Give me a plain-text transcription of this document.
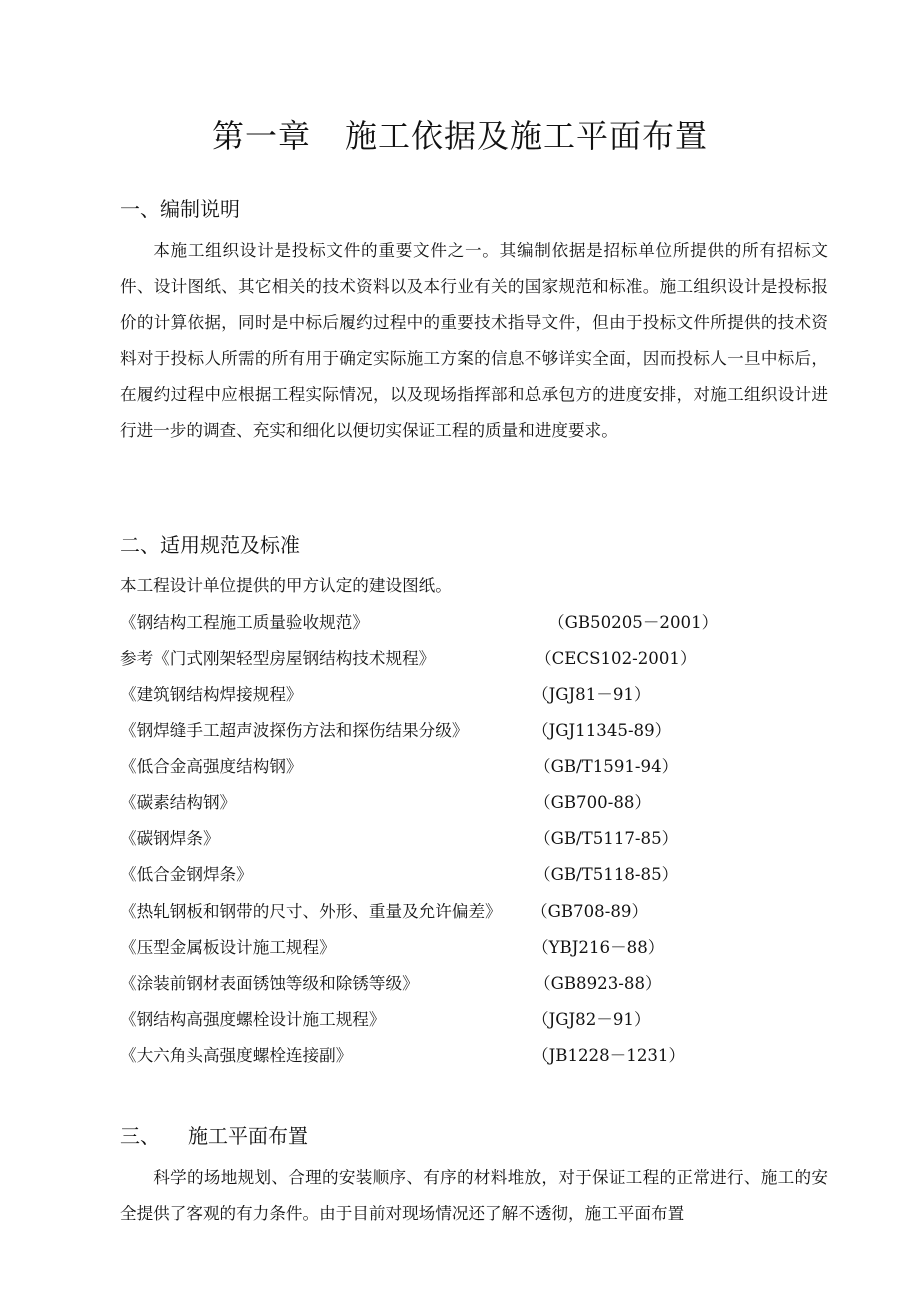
第一章 施工依据及施工平面布置
一、编制说明
本施工组织设计是投标文件的重要文件之一。其编制依据是招标单位所提供的所有招标文件、设计图纸、其它相关的技术资料以及本行业有关的国家规范和标准。施工组织设计是投标报价的计算依据，同时是中标后履约过程中的重要技术指导文件，但由于投标文件所提供的技术资料对于投标人所需的所有用于确定实际施工方案的信息不够详实全面，因而投标人一旦中标后，在履约过程中应根据工程实际情况，以及现场指挥部和总承包方的进度安排，对施工组织设计进行进一步的调查、充实和细化以便切实保证工程的质量和进度要求。
二、适用规范及标准
本工程设计单位提供的甲方认定的建设图纸。
《钢结构工程施工质量验收规范》	（GB50205－2001）
参考《门式刚架轻型房屋钢结构技术规程》	（CECS102-2001）
《建筑钢结构焊接规程》	（JGJ81－91）
《钢焊缝手工超声波探伤方法和探伤结果分级》	（JGJ11345-89）
《低合金高强度结构钢》	（GB/T1591-94）
《碳素结构钢》	（GB700-88）
《碳钢焊条》	（GB/T5117-85）
《低合金钢焊条》	（GB/T5118-85）
《热轧钢板和钢带的尺寸、外形、重量及允许偏差》 （GB708-89）
《压型金属板设计施工规程》	（YBJ216－88）
《涂装前钢材表面锈蚀等级和除锈等级》	（GB8923-88）
《钢结构高强度螺栓设计施工规程》	（JGJ82－91）
《大六角头高强度螺栓连接副》	（JB1228－1231）
三、 施工平面布置
科学的场地规划、合理的安装顺序、有序的材料堆放，对于保证工程的正常进行、施工的安全提供了客观的有力条件。由于目前对现场情况还了解不透彻，施工平面布置
